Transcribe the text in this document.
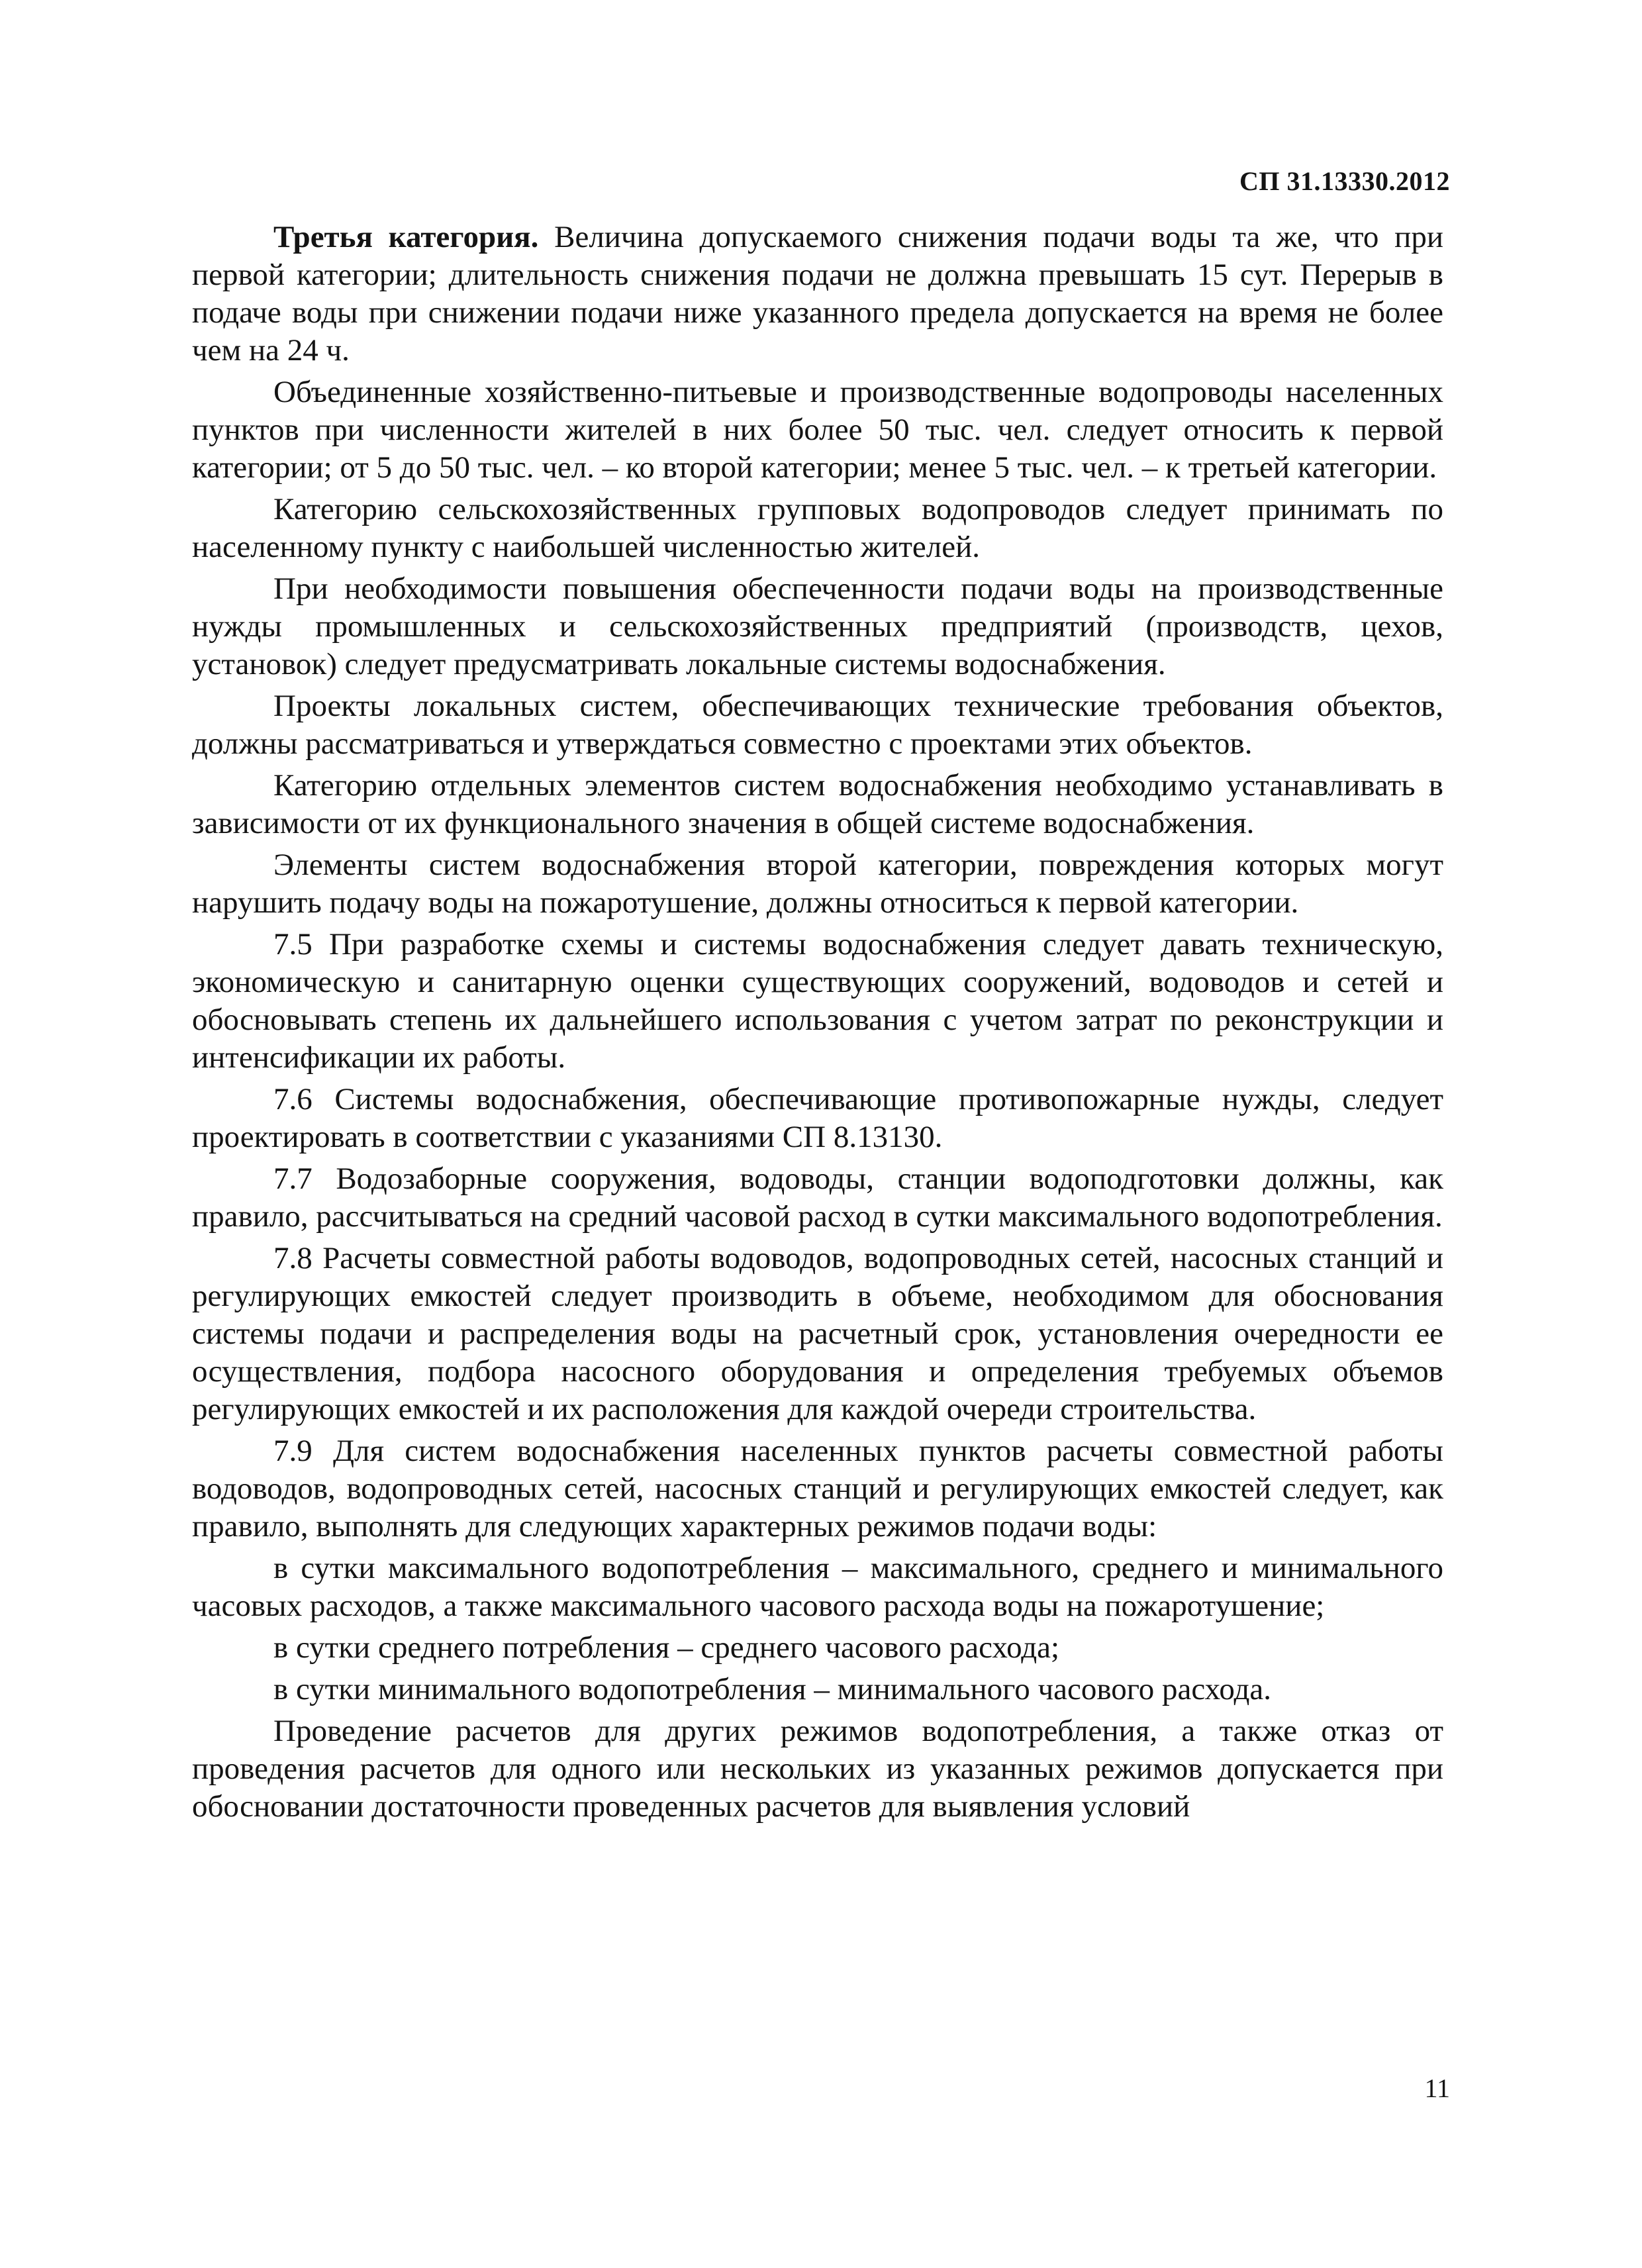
СП 31.13330.2012

Третья категория. Величина допускаемого снижения подачи воды та же, что при первой категории; длительность снижения подачи не должна превышать 15 сут. Перерыв в подаче воды при снижении подачи ниже указанного предела допускается на время не более чем на 24 ч.

Объединенные хозяйственно-питьевые и производственные водопроводы населенных пунктов при численности жителей в них более 50 тыс. чел. следует относить к первой категории; от 5 до 50 тыс. чел. – ко второй категории; менее 5 тыс. чел. – к третьей категории.

Категорию сельскохозяйственных групповых водопроводов следует принимать по населенному пункту с наибольшей численностью жителей.

При необходимости повышения обеспеченности подачи воды на производственные нужды промышленных и сельскохозяйственных предприятий (производств, цехов, установок) следует предусматривать локальные системы водоснабжения.

Проекты локальных систем, обеспечивающих технические требования объектов, должны рассматриваться и утверждаться совместно с проектами этих объектов.

Категорию отдельных элементов систем водоснабжения необходимо устанавливать в зависимости от их функционального значения в общей системе водоснабжения.

Элементы систем водоснабжения второй категории, повреждения которых могут нарушить подачу воды на пожаротушение, должны относиться к первой категории.

7.5 При разработке схемы и системы водоснабжения следует давать техническую, экономическую и санитарную оценки существующих сооружений, водоводов и сетей и обосновывать степень их дальнейшего использования с учетом затрат по реконструкции и интенсификации их работы.

7.6 Системы водоснабжения, обеспечивающие противопожарные нужды, следует проектировать в соответствии с указаниями СП 8.13130.

7.7 Водозаборные сооружения, водоводы, станции водоподготовки должны, как правило, рассчитываться на средний часовой расход в сутки максимального водопотребления.

7.8 Расчеты совместной работы водоводов, водопроводных сетей, насосных станций и регулирующих емкостей следует производить в объеме, необходимом для обоснования системы подачи и распределения воды на расчетный срок, установления очередности ее осуществления, подбора насосного оборудования и определения требуемых объемов регулирующих емкостей и их расположения для каждой очереди строительства.

7.9 Для систем водоснабжения населенных пунктов расчеты совместной работы водоводов, водопроводных сетей, насосных станций и регулирующих емкостей следует, как правило, выполнять для следующих характерных режимов подачи воды:

в сутки максимального водопотребления – максимального, среднего и минимального часовых расходов, а также максимального часового расхода воды на пожаротушение;

в сутки среднего потребления – среднего часового расхода;

в сутки минимального водопотребления – минимального часового расхода.

Проведение расчетов для других режимов водопотребления, а также отказ от проведения расчетов для одного или нескольких из указанных режимов допускается при обосновании достаточности проведенных расчетов для выявления условий

11
